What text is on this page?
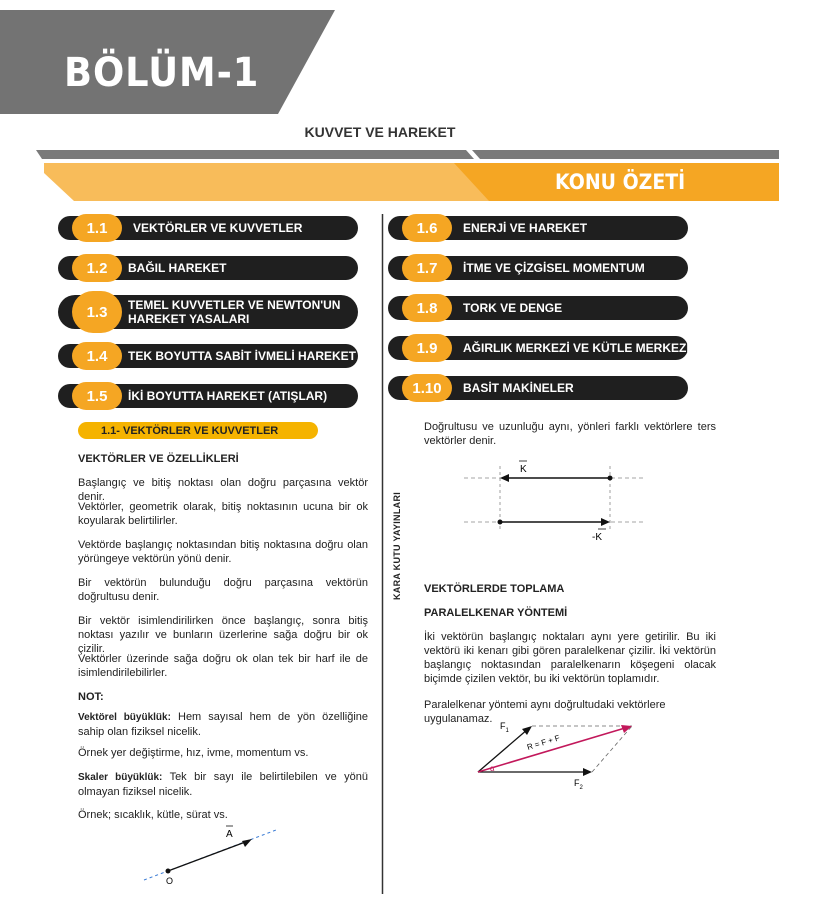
BÖLÜM-1
KUVVET VE HAREKET
KONU ÖZETİ
1.1	VEKTÖRLER VE KUVVETLER
1.2	BAĞIL HAREKET
1.3	TEMEL KUVVETLER VE NEWTON'UN HAREKET YASALARI
1.4	TEK BOYUTTA SABİT İVMELİ HAREKET
1.5	İKİ BOYUTTA HAREKET (ATIŞLAR)
1.6	ENERJİ VE HAREKET
1.7	İTME VE ÇİZGİSEL MOMENTUM
1.8	TORK VE DENGE
1.9	AĞIRLIK MERKEZİ VE KÜTLE MERKEZİ
1.10	BASİT MAKİNELER
KARA KUTU YAYINLARI
1.1- VEKTÖRLER VE KUVVETLER
VEKTÖRLER VE ÖZELLİKLERİ
Başlangıç ve bitiş noktası olan doğru parçasına vektör denir.
Vektörler, geometrik olarak, bitiş noktasının ucuna bir ok koyularak belirtilirler.
Vektörde başlangıç noktasından bitiş noktasına doğru olan yörüngeye vektörün yönü denir.
Bir vektörün bulunduğu doğru parçasına vektörün doğrultusu denir.
Bir vektör isimlendirilirken önce başlangıç, sonra bitiş noktası yazılır ve bunların üzerlerine sağa doğru bir ok çizilir.
Vektörler üzerinde sağa doğru ok olan tek bir harf ile de isimlendirilebilirler.
NOT:
Vektörel büyüklük: Hem sayısal hem de yön özelliğine sahip olan fiziksel nicelik.
Örnek yer değiştirme, hız, ivme, momentum vs.
Skaler büyüklük: Tek bir sayı ile belirtilebilen ve yönü olmayan fiziksel nicelik.
Örnek; sıcaklık, kütle, sürat vs.
A
O
Doğrultusu ve uzunluğu aynı, yönleri farklı vektörlere ters vektörler denir.
K
-K
VEKTÖRLERDE TOPLAMA
PARALELKENAR YÖNTEMİ
İki vektörün başlangıç noktaları aynı yere getirilir. Bu iki vektörü iki kenarı gibi gören paralelkenar çizilir. İki vektörün başlangıç noktasından paralelkenarın köşegeni olacak biçimde çizilen vektör, bu iki vektörün toplamıdır.
Paralelkenar yöntemi aynı doğrultudaki vektörlere uygulanamaz.
$F_1$
$F_2$
R = F + F
α
